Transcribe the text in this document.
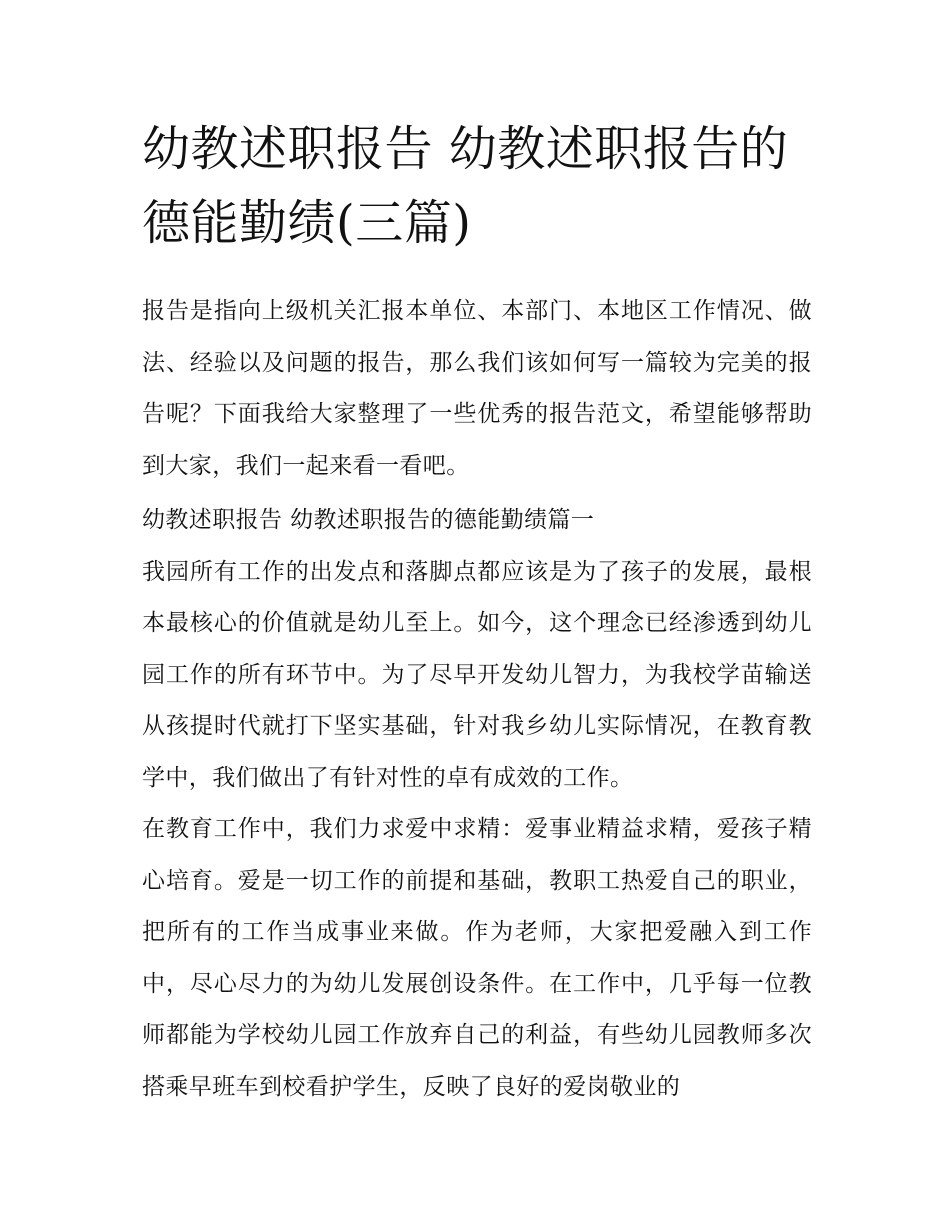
幼教述职报告 幼教述职报告的德能勤绩(三篇)

报告是指向上级机关汇报本单位、本部门、本地区工作情况、做法、经验以及问题的报告，那么我们该如何写一篇较为完美的报告呢？下面我给大家整理了一些优秀的报告范文，希望能够帮助到大家，我们一起来看一看吧。

幼教述职报告 幼教述职报告的德能勤绩篇一

我园所有工作的出发点和落脚点都应该是为了孩子的发展，最根本最核心的价值就是幼儿至上。如今，这个理念已经渗透到幼儿园工作的所有环节中。为了尽早开发幼儿智力，为我校学苗输送从孩提时代就打下坚实基础，针对我乡幼儿实际情况，在教育教学中，我们做出了有针对性的卓有成效的工作。

在教育工作中，我们力求爱中求精：爱事业精益求精，爱孩子精心培育。爱是一切工作的前提和基础，教职工热爱自己的职业，把所有的工作当成事业来做。作为老师，大家把爱融入到工作中，尽心尽力的为幼儿发展创设条件。在工作中，几乎每一位教师都能为学校幼儿园工作放弃自己的利益，有些幼儿园教师多次搭乘早班车到校看护学生，反映了良好的爱岗敬业的
